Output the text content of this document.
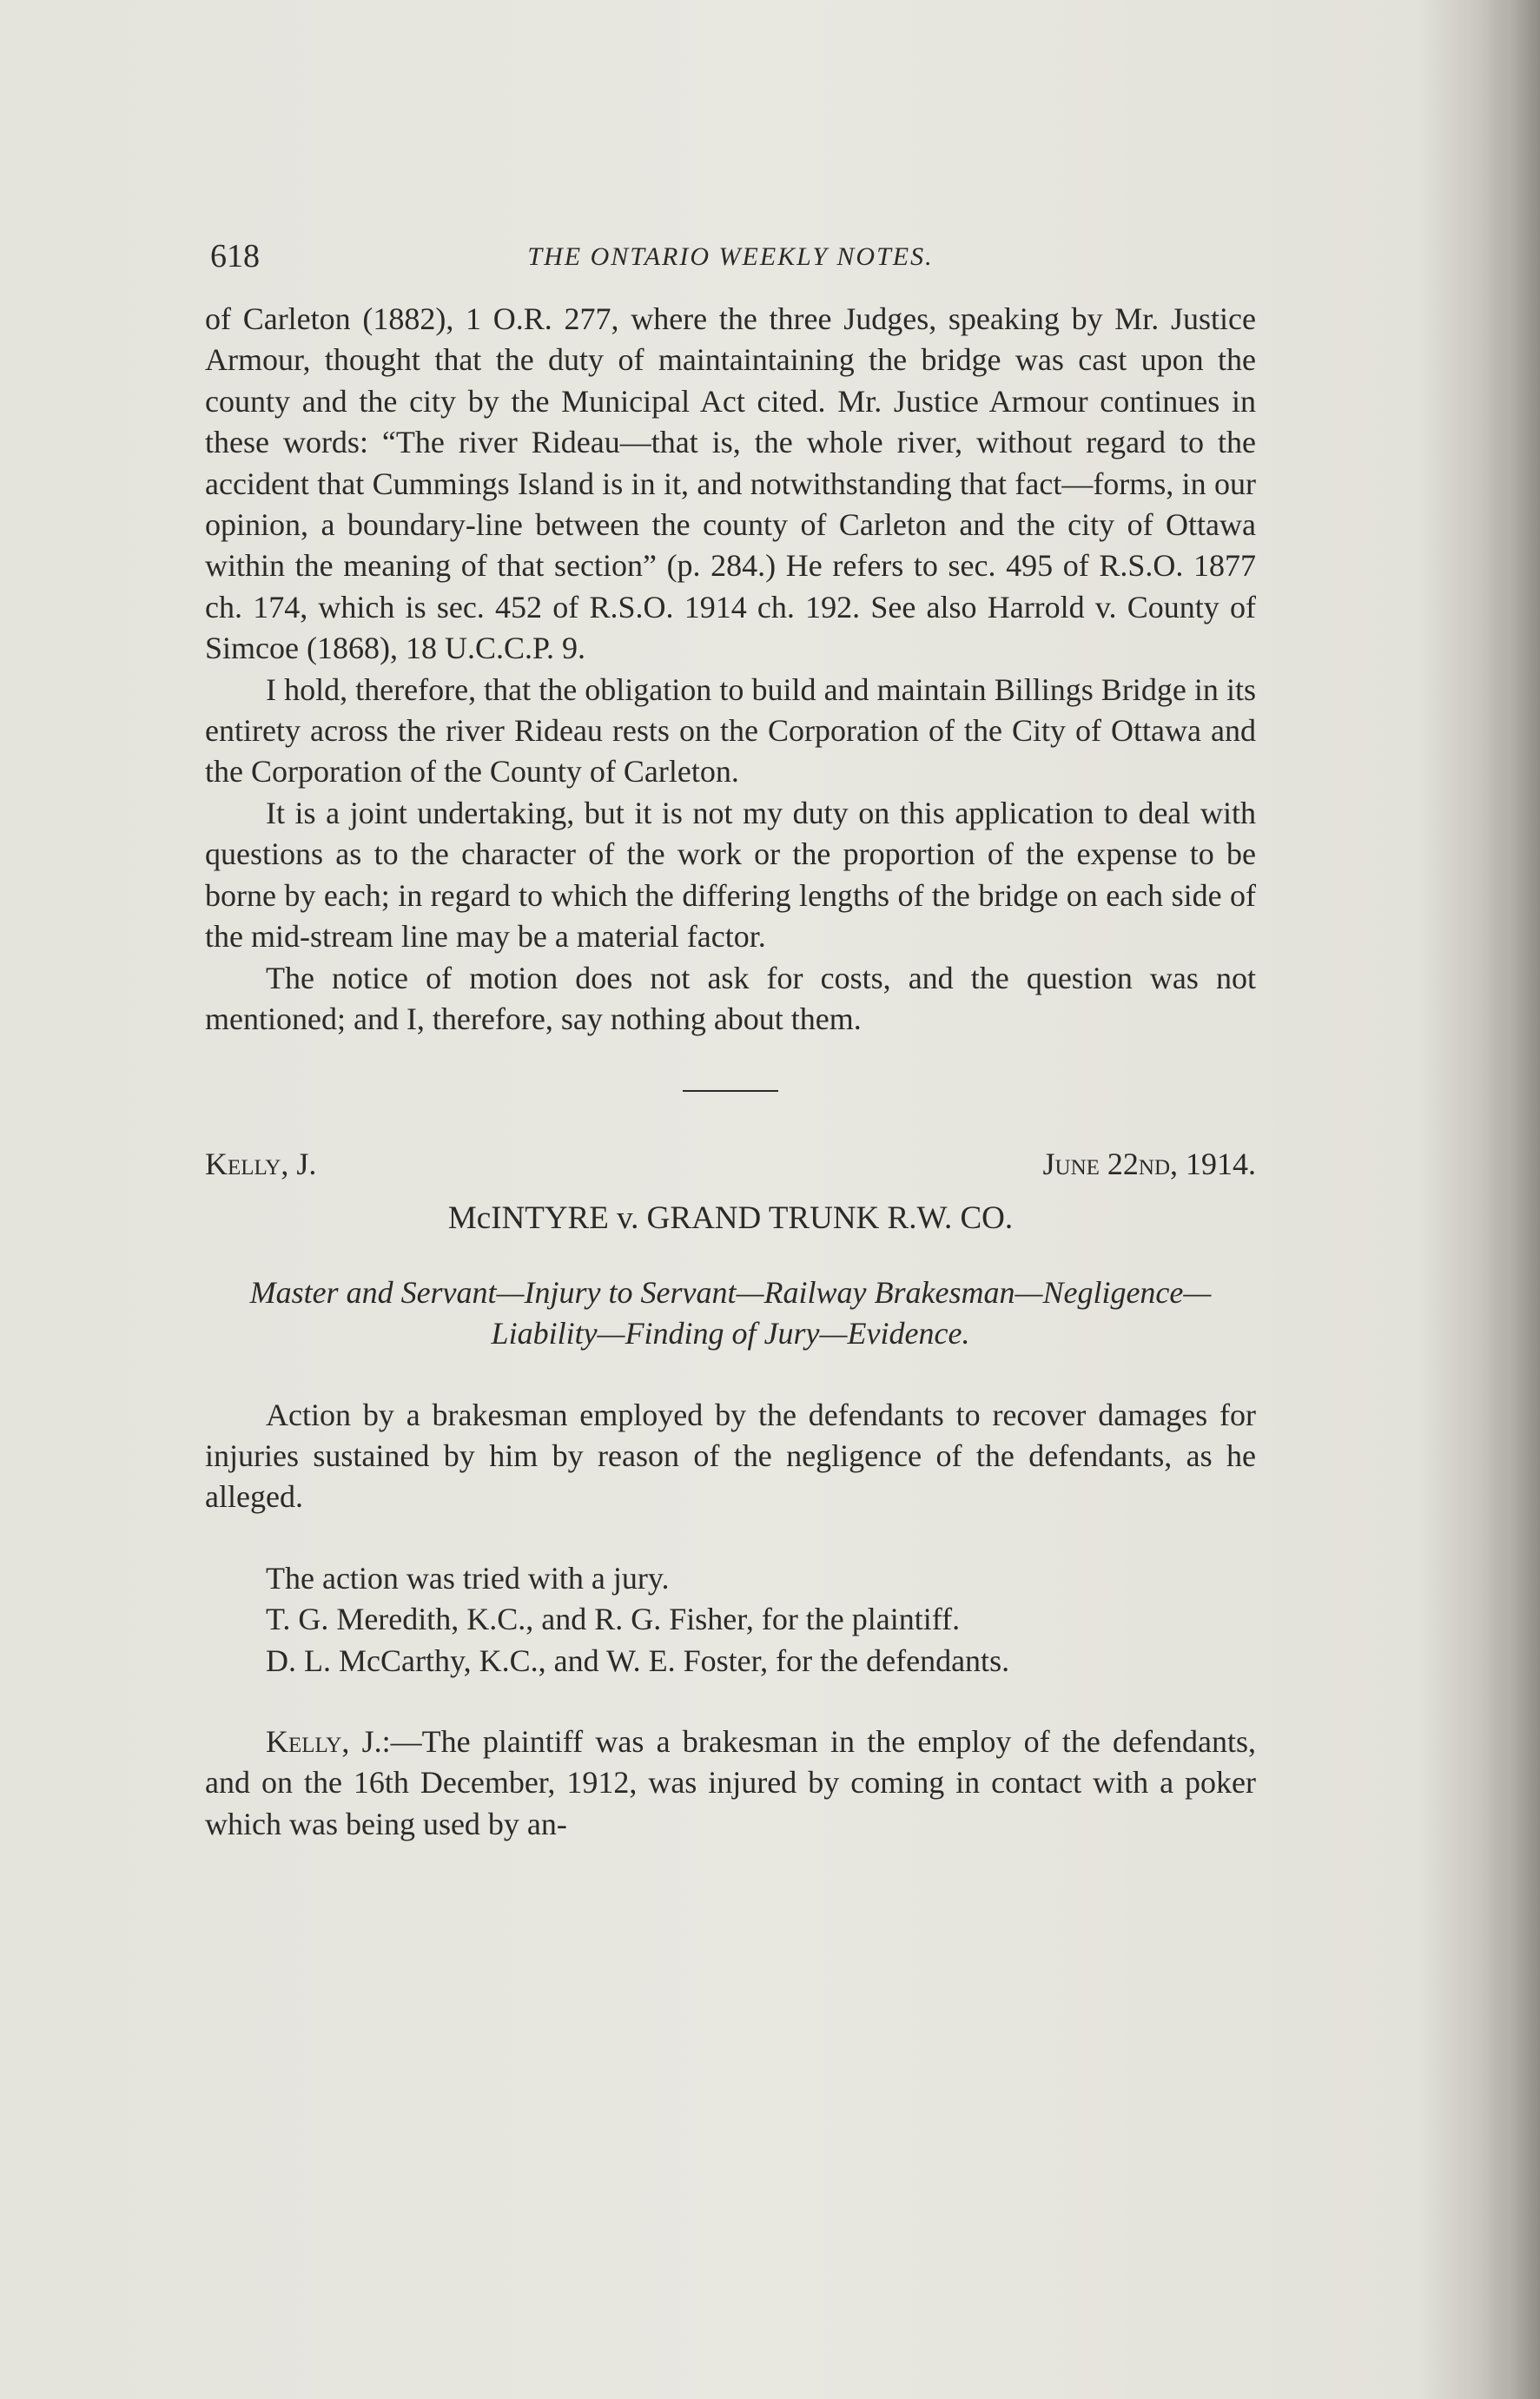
618	THE ONTARIO WEEKLY NOTES.

of Carleton (1882), 1 O.R. 277, where the three Judges, speaking by Mr. Justice Armour, thought that the duty of maintaintaining the bridge was cast upon the county and the city by the Municipal Act cited. Mr. Justice Armour continues in these words: “The river Rideau—that is, the whole river, without regard to the accident that Cummings Island is in it, and notwithstanding that fact—forms, in our opinion, a boundary-line between the county of Carleton and the city of Ottawa within the meaning of that section” (p. 284.) He refers to sec. 495 of R.S.O. 1877 ch. 174, which is sec. 452 of R.S.O. 1914 ch. 192. See also Harrold v. County of Simcoe (1868), 18 U.C.C.P. 9.

I hold, therefore, that the obligation to build and maintain Billings Bridge in its entirety across the river Rideau rests on the Corporation of the City of Ottawa and the Corporation of the County of Carleton.

It is a joint undertaking, but it is not my duty on this application to deal with questions as to the character of the work or the proportion of the expense to be borne by each; in regard to which the differing lengths of the bridge on each side of the mid-stream line may be a material factor.

The notice of motion does not ask for costs, and the question was not mentioned; and I, therefore, say nothing about them.

Kelly, J.	June 22nd, 1914.
McINTYRE v. GRAND TRUNK R.W. CO.
Master and Servant—Injury to Servant—Railway Brakesman—Negligence—Liability—Finding of Jury—Evidence.

Action by a brakesman employed by the defendants to recover damages for injuries sustained by him by reason of the negligence of the defendants, as he alleged.

The action was tried with a jury.

T. G. Meredith, K.C., and R. G. Fisher, for the plaintiff.

D. L. McCarthy, K.C., and W. E. Foster, for the defendants.

Kelly, J.:—The plaintiff was a brakesman in the employ of the defendants, and on the 16th December, 1912, was injured by coming in contact with a poker which was being used by an-
